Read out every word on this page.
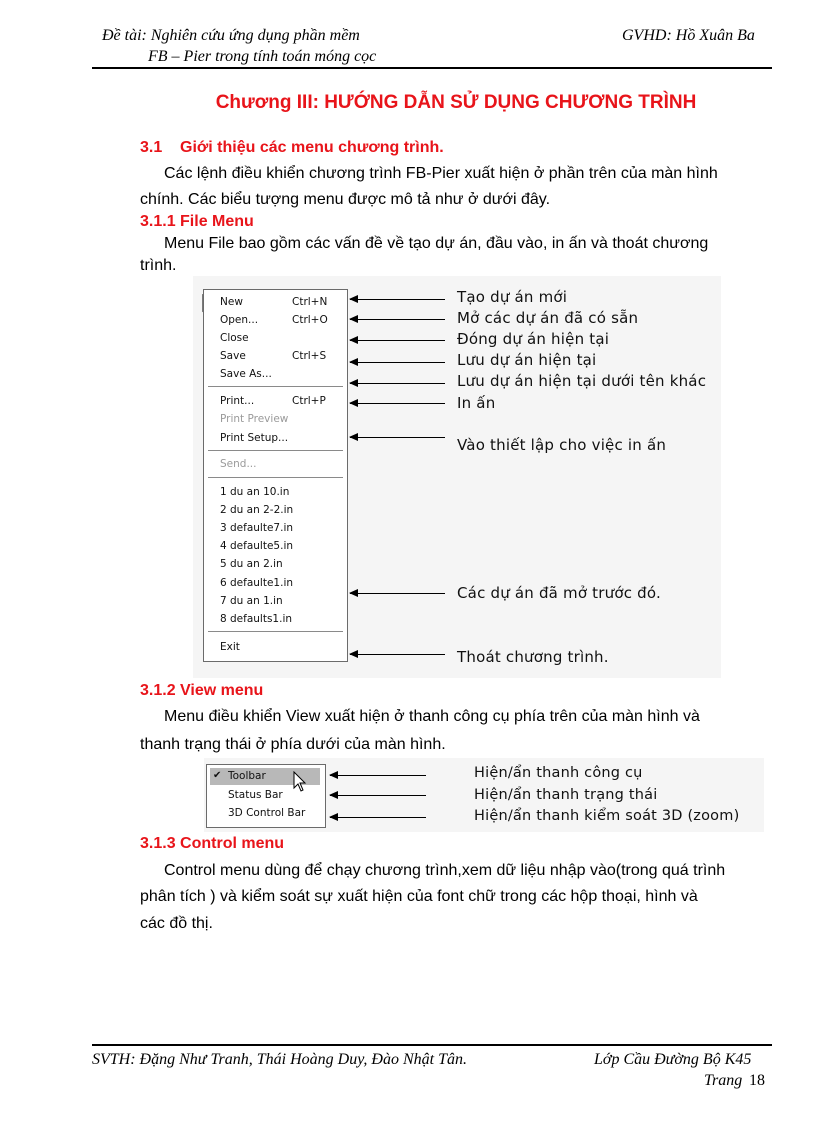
Đề tài: Nghiên cứu ứng dụng phần mềm
FB – Pier trong tính toán móng cọc
GVHD: Hồ Xuân Ba
Chương III: HƯỚNG DẪN SỬ DỤNG CHƯƠNG TRÌNH
3.1 Giới thiệu các menu chương trình.
Các lệnh điều khiển chương trình FB-Pier xuất hiện ở phần trên của màn hình
chính. Các biểu tượng menu được mô tả như ở dưới đây.
3.1.1 File Menu
Menu File bao gồm các vấn đề về tạo dự án, đầu vào, in ấn và thoát chương
trình.
New	Ctrl+N
Open...	Ctrl+O
Close
Save	Ctrl+S
Save As...
Print...	Ctrl+P
Print Preview
Print Setup...
Send...
1 du an 10.in
2 du an 2-2.in
3 defaulte7.in
4 defaulte5.in
5 du an 2.in
6 defaulte1.in
7 du an 1.in
8 defaults1.in
Exit
Tạo dự án mới
Mở các dự án đã có sẵn
Đóng dự án hiện tại
Lưu dự án hiện tại
Lưu dự án hiện tại dưới tên khác
In ấn
Vào thiết lập cho việc in ấn
Các dự án đã mở trước đó.
Thoát chương trình.
3.1.2 View menu
Menu điều khiển View xuất hiện ở thanh công cụ phía trên của màn hình và
thanh trạng thái ở phía dưới của màn hình.
✔ Toolbar
Status Bar
3D Control Bar
Hiện/ẩn thanh công cụ
Hiện/ẩn thanh trạng thái
Hiện/ẩn thanh kiểm soát 3D (zoom)
3.1.3 Control menu
Control menu dùng để chạy chương trình,xem dữ liệu nhập vào(trong quá trình
phân tích ) và kiểm soát sự xuất hiện của font chữ trong các hộp thoại, hình và
các đồ thị.
SVTH: Đặng Như Tranh, Thái Hoàng Duy, Đào Nhật Tân.	Lớp Cầu Đường Bộ K45
Trang 18
